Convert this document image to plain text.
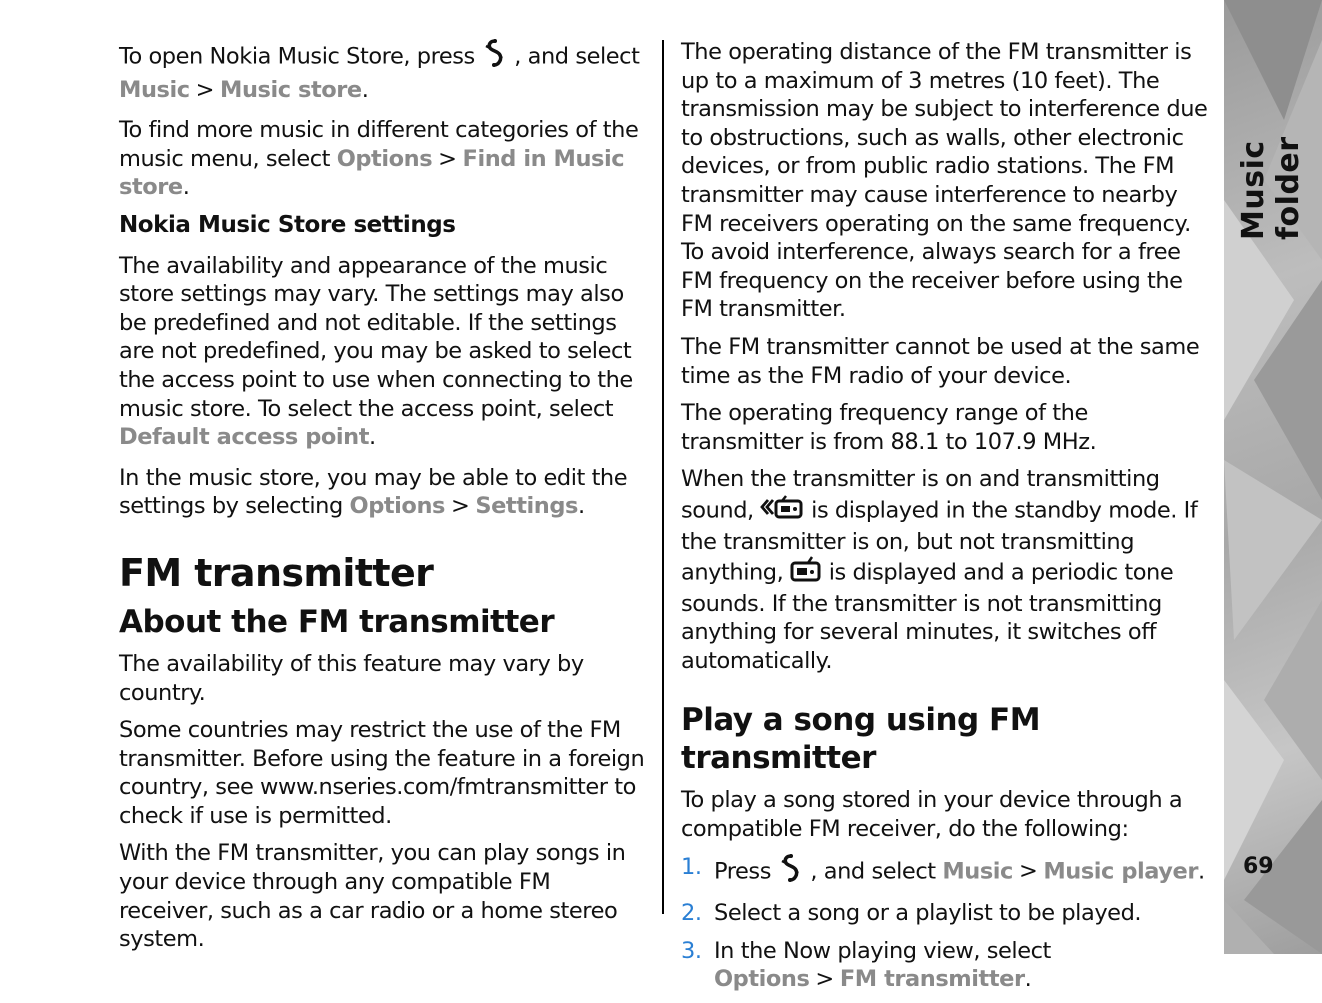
To open Nokia Music Store, press  , and select Music > Music store.

To find more music in different categories of the music menu, select Options > Find in Music store.

Nokia Music Store settings

The availability and appearance of the music store settings may vary. The settings may also be predefined and not editable. If the settings are not predefined, you may be asked to select the access point to use when connecting to the music store. To select the access point, select Default access point.

In the music store, you may be able to edit the settings by selecting Options > Settings.

FM transmitter
About the FM transmitter

The availability of this feature may vary by country.

Some countries may restrict the use of the FM transmitter. Before using the feature in a foreign country, see www.nseries.com/fmtransmitter to check if use is permitted.

With the FM transmitter, you can play songs in your device through any compatible FM receiver, such as a car radio or a home stereo system.

The operating distance of the FM transmitter is up to a maximum of 3 metres (10 feet). The transmission may be subject to interference due to obstructions, such as walls, other electronic devices, or from public radio stations. The FM transmitter may cause interference to nearby FM receivers operating on the same frequency. To avoid interference, always search for a free FM frequency on the receiver before using the FM transmitter.

The FM transmitter cannot be used at the same time as the FM radio of your device.

The operating frequency range of the transmitter is from 88.1 to 107.9 MHz.

When the transmitter is on and transmitting sound,  is displayed in the standby mode. If the transmitter is on, but not transmitting anything,  is displayed and a periodic tone sounds. If the transmitter is not transmitting anything for several minutes, it switches off automatically.

Play a song using FM transmitter

To play a song stored in your device through a compatible FM receiver, do the following:

1. Press  , and select Music > Music player.
2. Select a song or a playlist to be played.
3. In the Now playing view, select Options > FM transmitter.
Music folder
69
